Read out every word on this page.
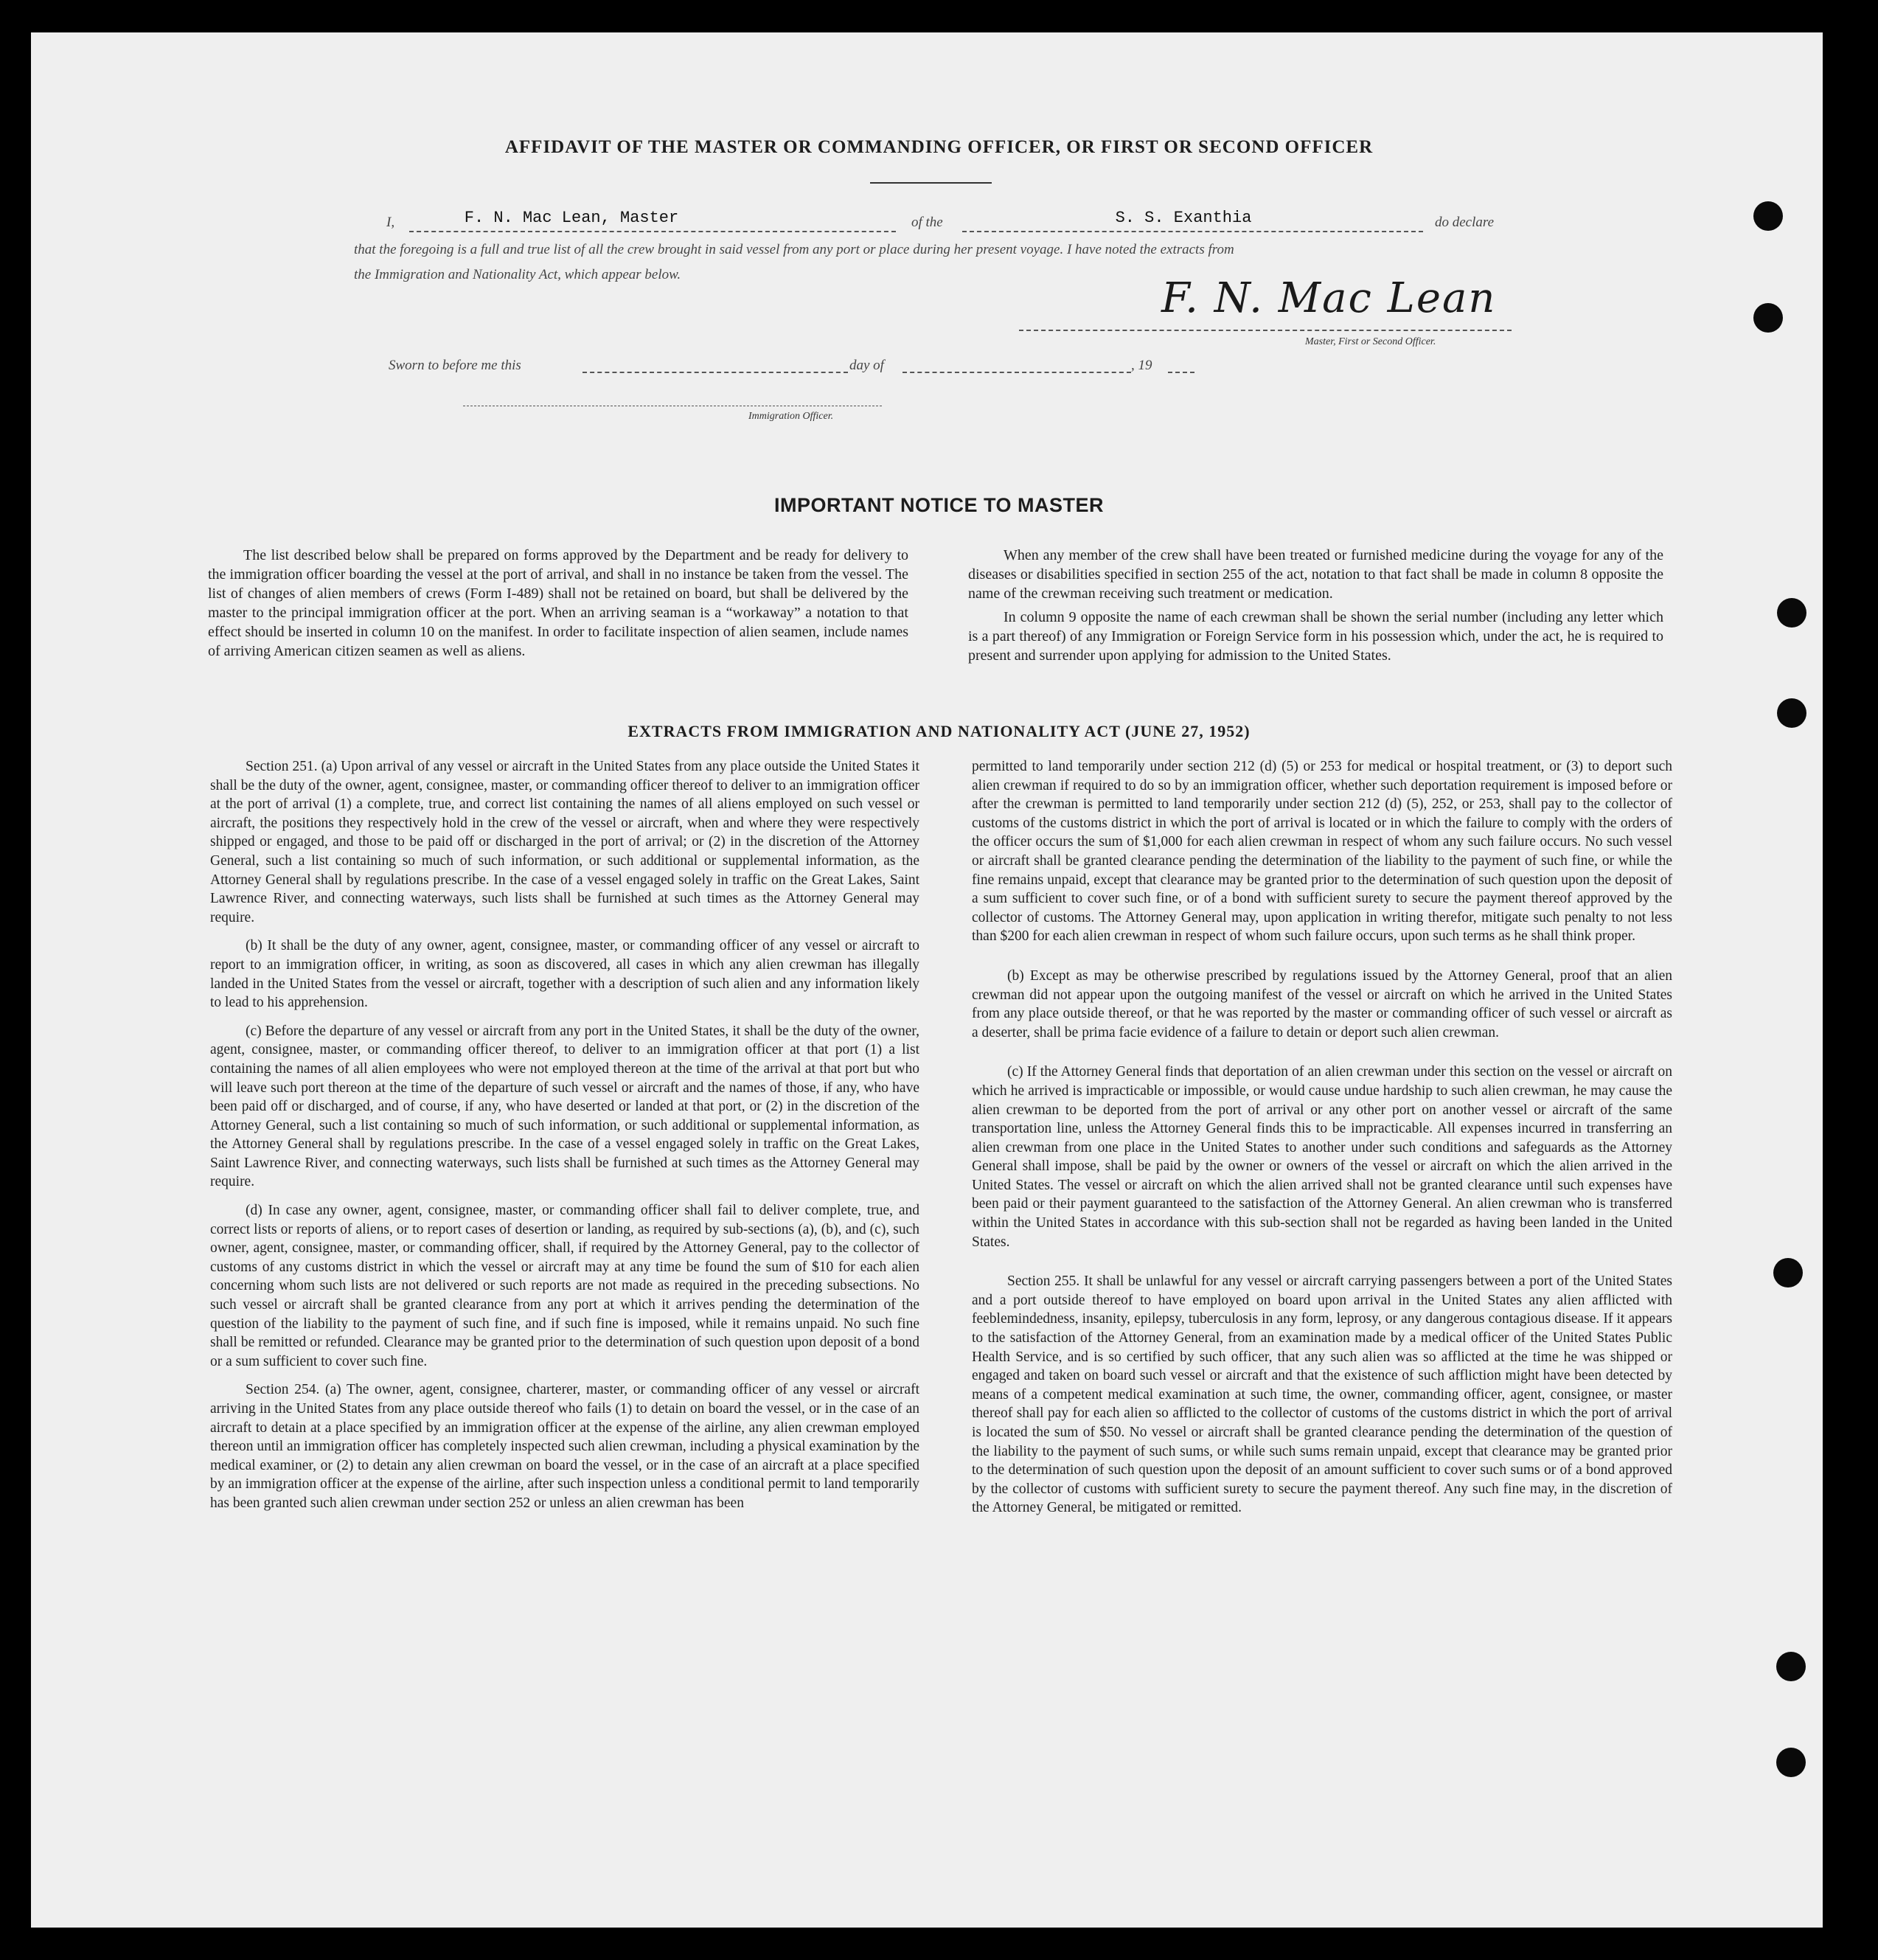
AFFIDAVIT OF THE MASTER OR COMMANDING OFFICER, OR FIRST OR SECOND OFFICER
I,	F. N. Mac Lean, Master	of the	S. S. Exanthia	do declare

that the foregoing is a full and true list of all the crew brought in said vessel from any port or place during her present voyage. I have noted the extracts from

the Immigration and Nationality Act, which appear below.	F. N. Mac Lean
Master, First or Second Officer.
Sworn to before me this	day of	, 19
Immigration Officer.
IMPORTANT NOTICE TO MASTER

The list described below shall be prepared on forms approved by the Department and be ready for delivery to the immigration officer boarding the vessel at the port of arrival, and shall in no instance be taken from the vessel. The list of changes of alien members of crews (Form I-489) shall not be retained on board, but shall be delivered by the master to the principal immigration officer at the port. When an arriving seaman is a “workaway” a notation to that effect should be inserted in column 10 on the manifest. In order to facilitate inspection of alien seamen, include names of arriving American citizen seamen as well as aliens.

When any member of the crew shall have been treated or furnished medicine during the voyage for any of the diseases or disabilities specified in section 255 of the act, notation to that fact shall be made in column 8 opposite the name of the crewman receiving such treatment or medication.

In column 9 opposite the name of each crewman shall be shown the serial number (including any letter which is a part thereof) of any Immigration or Foreign Service form in his possession which, under the act, he is required to present and surrender upon applying for admission to the United States.

EXTRACTS FROM IMMIGRATION AND NATIONALITY ACT (JUNE 27, 1952)

Section 251. (a) Upon arrival of any vessel or aircraft in the United States from any place outside the United States it shall be the duty of the owner, agent, consignee, master, or commanding officer thereof to deliver to an immigration officer at the port of arrival (1) a complete, true, and correct list containing the names of all aliens employed on such vessel or aircraft, the positions they respectively hold in the crew of the vessel or aircraft, when and where they were respectively shipped or engaged, and those to be paid off or discharged in the port of arrival; or (2) in the discretion of the Attorney General, such a list containing so much of such information, or such additional or supplemental information, as the Attorney General shall by regulations prescribe. In the case of a vessel engaged solely in traffic on the Great Lakes, Saint Lawrence River, and connecting waterways, such lists shall be furnished at such times as the Attorney General may require.

(b) It shall be the duty of any owner, agent, consignee, master, or commanding officer of any vessel or aircraft to report to an immigration officer, in writing, as soon as discovered, all cases in which any alien crewman has illegally landed in the United States from the vessel or aircraft, together with a description of such alien and any information likely to lead to his apprehension.

(c) Before the departure of any vessel or aircraft from any port in the United States, it shall be the duty of the owner, agent, consignee, master, or commanding officer thereof, to deliver to an immigration officer at that port (1) a list containing the names of all alien employees who were not employed thereon at the time of the arrival at that port but who will leave such port thereon at the time of the departure of such vessel or aircraft and the names of those, if any, who have been paid off or discharged, and of course, if any, who have deserted or landed at that port, or (2) in the discretion of the Attorney General, such a list containing so much of such information, or such additional or supplemental information, as the Attorney General shall by regulations prescribe. In the case of a vessel engaged solely in traffic on the Great Lakes, Saint Lawrence River, and connecting waterways, such lists shall be furnished at such times as the Attorney General may require.

(d) In case any owner, agent, consignee, master, or commanding officer shall fail to deliver complete, true, and correct lists or reports of aliens, or to report cases of desertion or landing, as required by sub-sections (a), (b), and (c), such owner, agent, consignee, master, or commanding officer, shall, if required by the Attorney General, pay to the collector of customs of any customs district in which the vessel or aircraft may at any time be found the sum of $10 for each alien concerning whom such lists are not delivered or such reports are not made as required in the preceding subsections. No such vessel or aircraft shall be granted clearance from any port at which it arrives pending the determination of the question of the liability to the payment of such fine, and if such fine is imposed, while it remains unpaid. No such fine shall be remitted or refunded. Clearance may be granted prior to the determination of such question upon deposit of a bond or a sum sufficient to cover such fine.

Section 254. (a) The owner, agent, consignee, charterer, master, or commanding officer of any vessel or aircraft arriving in the United States from any place outside thereof who fails (1) to detain on board the vessel, or in the case of an aircraft to detain at a place specified by an immigration officer at the expense of the airline, any alien crewman employed thereon until an immigration officer has completely inspected such alien crewman, including a physical examination by the medical examiner, or (2) to detain any alien crewman on board the vessel, or in the case of an aircraft at a place specified by an immigration officer at the expense of the airline, after such inspection unless a conditional permit to land temporarily has been granted such alien crewman under section 252 or unless an alien crewman has been

permitted to land temporarily under section 212 (d) (5) or 253 for medical or hospital treatment, or (3) to deport such alien crewman if required to do so by an immigration officer, whether such deportation requirement is imposed before or after the crewman is permitted to land temporarily under section 212 (d) (5), 252, or 253, shall pay to the collector of customs of the customs district in which the port of arrival is located or in which the failure to comply with the orders of the officer occurs the sum of $1,000 for each alien crewman in respect of whom any such failure occurs. No such vessel or aircraft shall be granted clearance pending the determination of the liability to the payment of such fine, or while the fine remains unpaid, except that clearance may be granted prior to the determination of such question upon the deposit of a sum sufficient to cover such fine, or of a bond with sufficient surety to secure the payment thereof approved by the collector of customs. The Attorney General may, upon application in writing therefor, mitigate such penalty to not less than $200 for each alien crewman in respect of whom such failure occurs, upon such terms as he shall think proper.

(b) Except as may be otherwise prescribed by regulations issued by the Attorney General, proof that an alien crewman did not appear upon the outgoing manifest of the vessel or aircraft on which he arrived in the United States from any place outside thereof, or that he was reported by the master or commanding officer of such vessel or aircraft as a deserter, shall be prima facie evidence of a failure to detain or deport such alien crewman.

(c) If the Attorney General finds that deportation of an alien crewman under this section on the vessel or aircraft on which he arrived is impracticable or impossible, or would cause undue hardship to such alien crewman, he may cause the alien crewman to be deported from the port of arrival or any other port on another vessel or aircraft of the same transportation line, unless the Attorney General finds this to be impracticable. All expenses incurred in transferring an alien crewman from one place in the United States to another under such conditions and safeguards as the Attorney General shall impose, shall be paid by the owner or owners of the vessel or aircraft on which the alien arrived in the United States. The vessel or aircraft on which the alien arrived shall not be granted clearance until such expenses have been paid or their payment guaranteed to the satisfaction of the Attorney General. An alien crewman who is transferred within the United States in accordance with this sub-section shall not be regarded as having been landed in the United States.

Section 255. It shall be unlawful for any vessel or aircraft carrying passengers between a port of the United States and a port outside thereof to have employed on board upon arrival in the United States any alien afflicted with feeblemindedness, insanity, epilepsy, tuberculosis in any form, leprosy, or any dangerous contagious disease. If it appears to the satisfaction of the Attorney General, from an examination made by a medical officer of the United States Public Health Service, and is so certified by such officer, that any such alien was so afflicted at the time he was shipped or engaged and taken on board such vessel or aircraft and that the existence of such affliction might have been detected by means of a competent medical examination at such time, the owner, commanding officer, agent, consignee, or master thereof shall pay for each alien so afflicted to the collector of customs of the customs district in which the port of arrival is located the sum of $50. No vessel or aircraft shall be granted clearance pending the determination of the question of the liability to the payment of such sums, or while such sums remain unpaid, except that clearance may be granted prior to the determination of such question upon the deposit of an amount sufficient to cover such sums or of a bond approved by the collector of customs with sufficient surety to secure the payment thereof. Any such fine may, in the discretion of the Attorney General, be mitigated or remitted.
